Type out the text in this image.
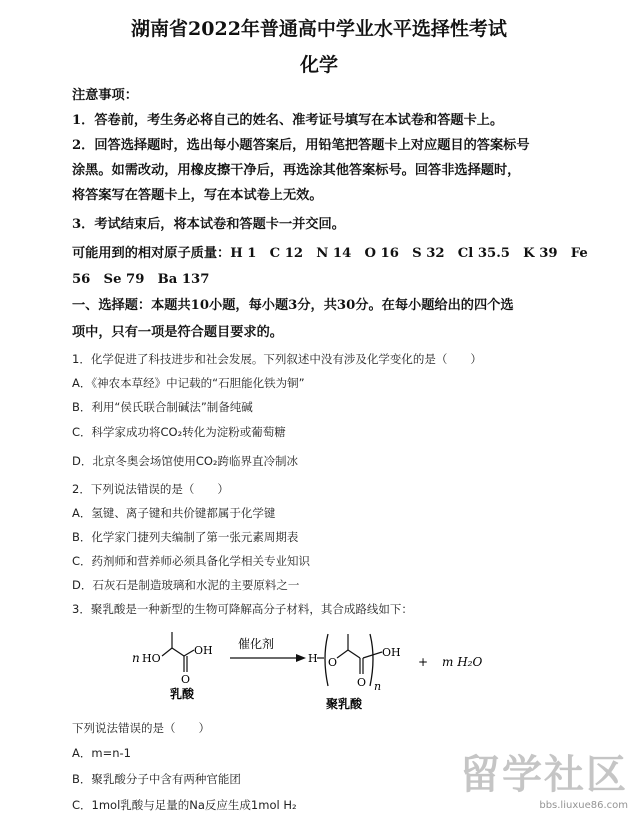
湖南省2022年普通高中学业水平选择性考试
化学
注意事项：
1．答卷前，考生务必将自己的姓名、准考证号填写在本试卷和答题卡上。
2．回答选择题时，选出每小题答案后，用铅笔把答题卡上对应题目的答案标号
涂黑。如需改动，用橡皮擦干净后，再选涂其他答案标号。回答非选择题时，
将答案写在答题卡上，写在本试卷上无效。
3．考试结束后，将本试卷和答题卡一并交回。
可能用到的相对原子质量：H 1　C 12　N 14　O 16　S 32　Cl 35.5　K 39　Fe
56　Se 79　Ba 137
一、选择题：本题共10小题，每小题3分，共30分。在每小题给出的四个选
项中，只有一项是符合题目要求的。
1．化学促进了科技进步和社会发展。下列叙述中没有涉及化学变化的是（　　）
A．《神农本草经》中记载的“石胆能化铁为铜”
B．利用“侯氏联合制碱法”制备纯碱
C．科学家成功将CO₂转化为淀粉或葡萄糖
D．北京冬奥会场馆使用CO₂跨临界直冷制冰
2．下列说法错误的是（　　）
A．氢键、离子键和共价键都属于化学键
B．化学家门捷列夫编制了第一张元素周期表
C．药剂师和营养师必须具备化学相关专业知识
D．石灰石是制造玻璃和水泥的主要原料之一
3．聚乳酸是一种新型的生物可降解高分子材料，其合成路线如下：
n HO
OH
O
乳酸
催化剂
H O
O
OH
n
聚乳酸
+ m H₂O
下列说法错误的是（　　）
A．m=n-1
B．聚乳酸分子中含有两种官能团
C．1mol乳酸与足量的Na反应生成1mol H₂
留学社区
bbs.liuxue86.com
